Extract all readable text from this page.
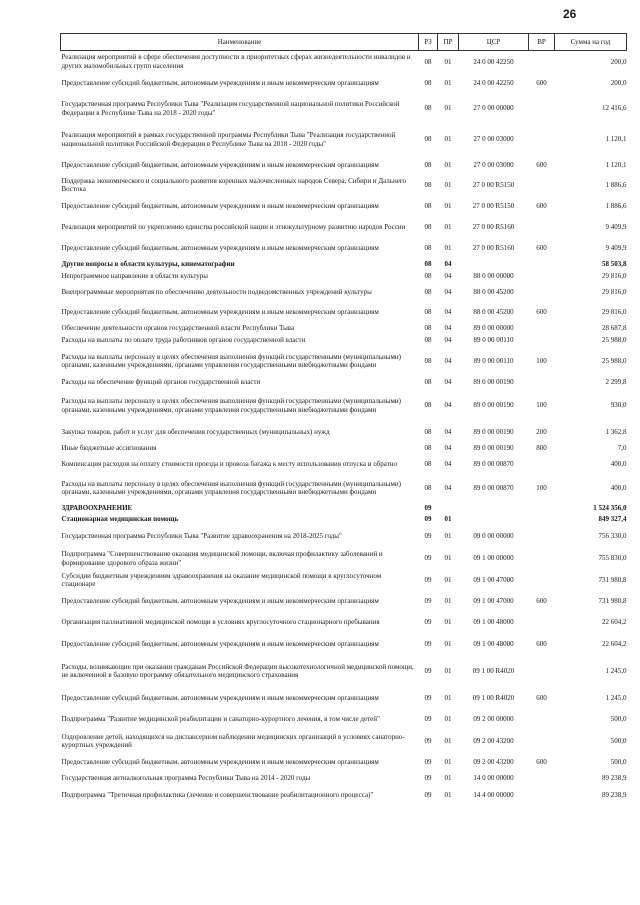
26
Наименование	РЗ	ПР	ЦСР	ВР	Сумма на год
Реализация мероприятий в сфере обеспечения доступности в приоритетных сферах жизнедеятельности инвалидов и других маломобильных групп населения	08	01	24 0 00 42250		200,0
Предоставление субсидий бюджетным, автономным учреждениям и иным некоммерческим организациям	08	01	24 0 00 42250	600	200,0
Государственная программа Республики Тыва "Реализация государственной национальной политики Российской Федерации в Республике Тыва на 2018 - 2020 годы"	08	01	27 0 00 00000		12 416,6
Реализация мероприятий в рамках государственной программы Республики Тыва "Реализация государственной национальной политики Российской Федерации в Республике Тыва на 2018 - 2020 годы"	08	01	27 0 00 03000		1 120,1
Предоставление субсидий бюджетным, автономным учреждениям и иным некоммерческим организациям	08	01	27 0 00 03000	600	1 120,1
Поддержка экономического и социального развития коренных малочисленных народов Севера, Сибири и Дальнего Востока	08	01	27 0 00 R5150		1 886,6
Предоставление субсидий бюджетным, автономным учреждениям и иным некоммерческим организациям	08	01	27 0 00 R5150	600	1 886,6
Реализация мероприятий по укреплению единства российской нации и этнокультурному развитию народов России	08	01	27 0 00 R5160		9 409,9
Предоставление субсидий бюджетным, автономным учреждениям и иным некоммерческим организациям	08	01	27 0 00 R5160	600	9 409,9
Другие вопросы в области культуры, кинематографии	08	04			58 503,8
Непрограммное направление в области культуры	08	04	88 0 00 00000		29 816,0
Внепрограммные мероприятия по обеспечению деятельности подведомственных учреждений культуры	08	04	88 0 00 45200		29 816,0
Предоставление субсидий бюджетным, автономным учреждениям и иным некоммерческим организациям	08	04	88 0 00 45200	600	29 816,0
Обеспечение деятельности органов государственной власти Республики Тыва	08	04	89 0 00 00000		28 687,8
Расходы на выплаты по оплате труда работников органов государственной власти	08	04	89 0 00 00110		25 988,0
Расходы на выплаты персоналу в целях обеспечения выполнения функций государственными (муниципальными) органами, казенными учреждениями, органами управления государственными внебюджетными фондами	08	04	89 0 00 00110	100	25 988,0
Расходы на обеспечение функций органов государственной власти	08	04	89 0 00 00190		2 299,8
Расходы на выплаты персоналу в целях обеспечения выполнения функций государственными (муниципальными) органами, казенными учреждениями, органами управления государственными внебюджетными фондами	08	04	89 0 00 00190	100	930,0
Закупка товаров, работ и услуг для обеспечения государственных (муниципальных) нужд	08	04	89 0 00 00190	200	1 362,8
Иные бюджетные ассигнования	08	04	89 0 00 00190	800	7,0
Компенсация расходов на оплату стоимости проезда и провоза багажа к месту использования отпуска и обратно	08	04	89 0 00 00870		400,0
Расходы на выплаты персоналу в целях обеспечения выполнения функций государственными (муниципальными) органами, казенными учреждениями, органами управления государственными внебюджетными фондами	08	04	89 0 00 00870	100	400,0
ЗДРАВООХРАНЕНИЕ	09				1 524 356,0
Стационарная медицинская помощь	09	01			849 327,4
Государственная программа Республики Тыва "Развитие здравоохранения на 2018-2025 годы"	09	01	09 0 00 00000		756 330,0
Подпрограмма "Совершенствование оказания медицинской помощи, включая профилактику заболеваний и формирование здорового образа жизни"	09	01	09 1 00 00000		755 830,0
Субсидии бюджетным учреждениям здравоохранения на оказание медицинской помощи в круглосуточном стационаре	09	01	09 1 00 47000		731 980,8
Предоставление субсидий бюджетным, автономным учреждениям и иным некоммерческим организациям	09	01	09 1 00 47000	600	731 980,8
Организация паллиативной медицинской помощи в условиях круглосуточного стационарного пребывания	09	01	09 1 00 48000		22 604,2
Предоставление субсидий бюджетным, автономным учреждениям и иным некоммерческим организациям	09	01	09 1 00 48000	600	22 604,2
Расходы, возникающие при оказании гражданам Российской Федерации высокотехнологичной медицинской помощи, не включенной в базовую программу обязательного медицинского страхования	09	01	09 1 00 R4020		1 245,0
Предоставление субсидий бюджетным, автономным учреждениям и иным некоммерческим организациям	09	01	09 1 00 R4020	600	1 245,0
Подпрограмма "Развитие медицинской реабилитации и санаторно-курортного лечения, в том числе детей"	09	01	09 2 00 00000		500,0
Оздоровление детей, находящихся на диспансерном наблюдении медицинских организаций в условиях санаторно-курортных учреждений	09	01	09 2 00 43200		500,0
Предоставление субсидий бюджетным, автономным учреждениям и иным некоммерческим организациям	09	01	09 2 00 43200	600	500,0
Государственная антиалкогольная программа Республики Тыва на 2014 - 2020 годы	09	01	14 0 00 00000		89 238,9
Подпрограмма "Третичная профилактика (лечение и совершенствование реабилитационного процесса)"	09	01	14 4 00 00000		89 238,9
